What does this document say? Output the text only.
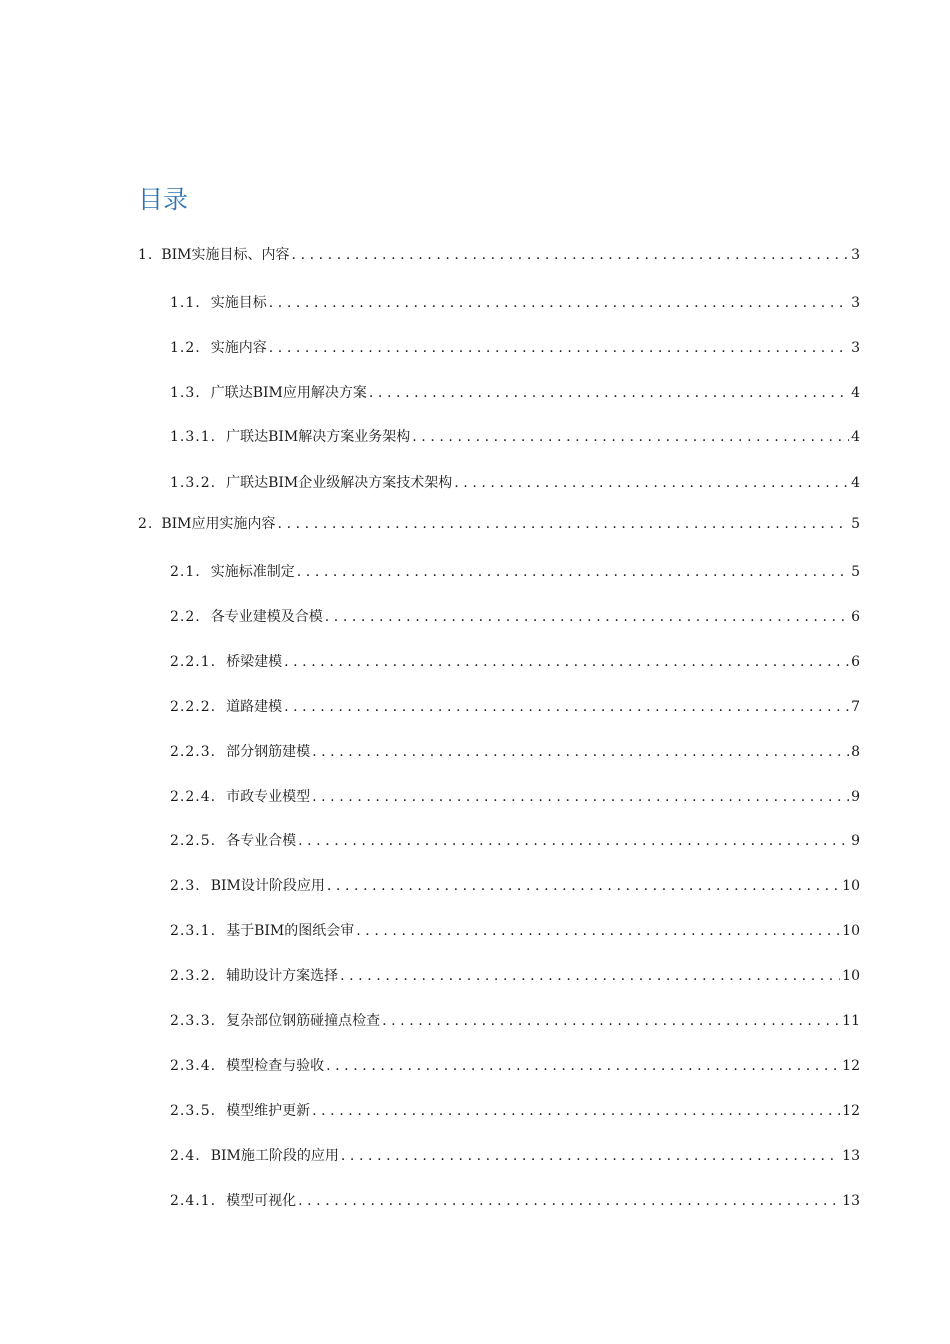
目录
1. BIM实施目标、内容 .....	3
1.1. 实施目标 .....	3
1.2. 实施内容 .....	3
1.3. 广联达BIM应用解决方案 .....	4
1.3.1. 广联达BIM解决方案业务架构 .....	4
1.3.2. 广联达BIM企业级解决方案技术架构 .....	4
2. BIM应用实施内容 .....	5
2.1. 实施标准制定 .....	5
2.2. 各专业建模及合模 .....	6
2.2.1. 桥梁建模 .....	6
2.2.2. 道路建模 .....	7
2.2.3. 部分钢筋建模 .....	8
2.2.4. 市政专业模型 .....	9
2.2.5. 各专业合模 .....	9
2.3. BIM设计阶段应用 .....	10
2.3.1. 基于BIM的图纸会审 .....	10
2.3.2. 辅助设计方案选择 .....	10
2.3.3. 复杂部位钢筋碰撞点检查 .....	11
2.3.4. 模型检查与验收 .....	12
2.3.5. 模型维护更新 .....	12
2.4. BIM施工阶段的应用 .....	13
2.4.1. 模型可视化 .....	13
